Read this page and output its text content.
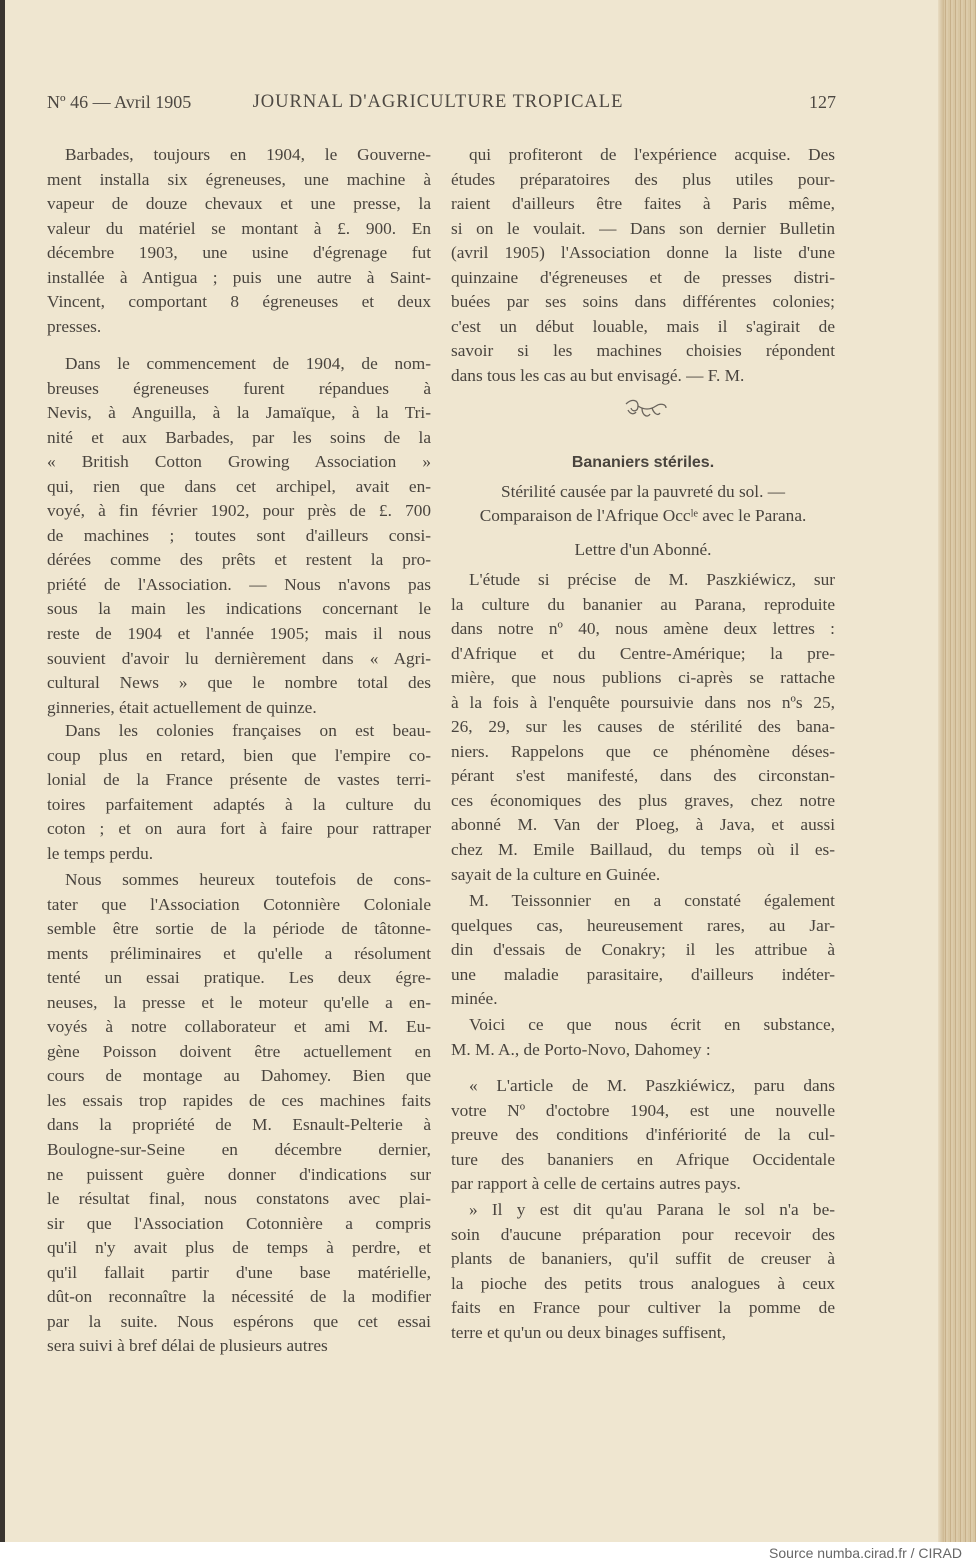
Nº 46 — Avril 1905	JOURNAL D'AGRICULTURE TROPICALE	127
Barbades, toujours en 1904, le Gouverne-
ment installa six égreneuses, une machine à
vapeur de douze chevaux et une presse, la
valeur du matériel se montant à £. 900. En
décembre 1903, une usine d'égrenage fut
installée à Antigua ; puis une autre à Saint-
Vincent, comportant 8 égreneuses et deux
presses.
Dans le commencement de 1904, de nom-
breuses égreneuses furent répandues à
Nevis, à Anguilla, à la Jamaïque, à la Tri-
nité et aux Barbades, par les soins de la
« British Cotton Growing Association »
qui, rien que dans cet archipel, avait en-
voyé, à fin février 1902, pour près de £. 700
de machines ; toutes sont d'ailleurs consi-
dérées comme des prêts et restent la pro-
priété de l'Association. — Nous n'avons pas
sous la main les indications concernant le
reste de 1904 et l'année 1905; mais il nous
souvient d'avoir lu dernièrement dans « Agri-
cultural News » que le nombre total des
ginneries, était actuellement de quinze.
Dans les colonies françaises on est beau-
coup plus en retard, bien que l'empire co-
lonial de la France présente de vastes terri-
toires parfaitement adaptés à la culture du
coton ; et on aura fort à faire pour rattraper
le temps perdu.
Nous sommes heureux toutefois de cons-
tater que l'Association Cotonnière Coloniale
semble être sortie de la période de tâtonne-
ments préliminaires et qu'elle a résolument
tenté un essai pratique. Les deux égre-
neuses, la presse et le moteur qu'elle a en-
voyés à notre collaborateur et ami M. Eu-
gène Poisson doivent être actuellement en
cours de montage au Dahomey. Bien que
les essais trop rapides de ces machines faits
dans la propriété de M. Esnault-Pelterie à
Boulogne-sur-Seine en décembre dernier,
ne puissent guère donner d'indications sur
le résultat final, nous constatons avec plai-
sir que l'Association Cotonnière a compris
qu'il n'y avait plus de temps à perdre, et
qu'il fallait partir d'une base matérielle,
dût-on reconnaître la nécessité de la modifier
par la suite. Nous espérons que cet essai
sera suivi à bref délai de plusieurs autres
qui profiteront de l'expérience acquise. Des
études préparatoires des plus utiles pour-
raient d'ailleurs être faites à Paris même,
si on le voulait. — Dans son dernier Bulletin
(avril 1905) l'Association donne la liste d'une
quinzaine d'égreneuses et de presses distri-
buées par ses soins dans différentes colonies;
c'est un début louable, mais il s'agirait de
savoir si les machines choisies répondent
dans tous les cas au but envisagé. — F. M.
Bananiers stériles.
Stérilité causée par la pauvreté du sol. —
Comparaison de l'Afrique Occˡᵉ avec le Parana.
Lettre d'un Abonné.
L'étude si précise de M. Paszkiéwicz, sur
la culture du bananier au Parana, reproduite
dans notre nº 40, nous amène deux lettres :
d'Afrique et du Centre-Amérique; la pre-
mière, que nous publions ci-après se rattache
à la fois à l'enquête poursuivie dans nos nºs 25,
26, 29, sur les causes de stérilité des bana-
niers. Rappelons que ce phénomène déses-
pérant s'est manifesté, dans des circonstan-
ces économiques des plus graves, chez notre
abonné M. Van der Ploeg, à Java, et aussi
chez M. Emile Baillaud, du temps où il es-
sayait de la culture en Guinée.
M. Teissonnier en a constaté également
quelques cas, heureusement rares, au Jar-
din d'essais de Conakry; il les attribue à
une maladie parasitaire, d'ailleurs indéter-
minée.
Voici ce que nous écrit en substance,
M. M. A., de Porto-Novo, Dahomey :
« L'article de M. Paszkiéwicz, paru dans
votre Nº d'octobre 1904, est une nouvelle
preuve des conditions d'infériorité de la cul-
ture des bananiers en Afrique Occidentale
par rapport à celle de certains autres pays.
» Il y est dit qu'au Parana le sol n'a be-
soin d'aucune préparation pour recevoir des
plants de bananiers, qu'il suffit de creuser à
la pioche des petits trous analogues à ceux
faits en France pour cultiver la pomme de
terre et qu'un ou deux binages suffisent,
Source numba.cirad.fr / CIRAD
